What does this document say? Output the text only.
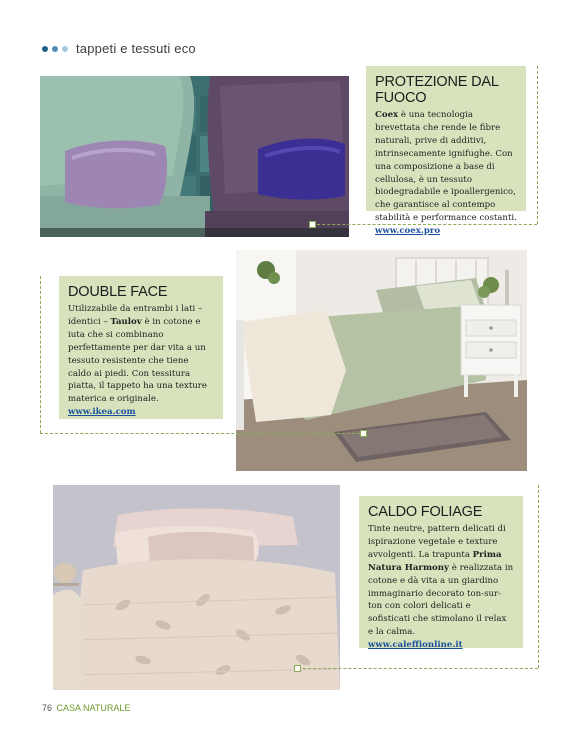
tappeti e tessuti eco
PROTEZIONE DAL FUOCO

Coex è una tecnologia brevettata che rende le fibre naturali, prive di additivi, intrinsecamente ignifughe. Con una composizione a base di cellulosa, è un tessuto biodegradabile e ipoallergenico, che garantisce al contempo stabilità e performance costanti.

www.coex.pro
DOUBLE FACE

Utilizzabile da entrambi i lati – identici – Taulov è in cotone e iuta che si combinano perfettamente per dar vita a un tessuto resistente che tiene caldo ai piedi. Con tessitura piatta, il tappeto ha una texture materica e originale.

www.ikea.com
CALDO FOLIAGE

Tinte neutre, pattern delicati di ispirazione vegetale e texture avvolgenti. La trapunta Prima Natura Harmony è realizzata in cotone e dà vita a un giardino immaginario decorato ton-sur-ton con colori delicati e sofisticati che stimolano il relax e la calma.

www.caleffionline.it
76 CASA NATURALE
